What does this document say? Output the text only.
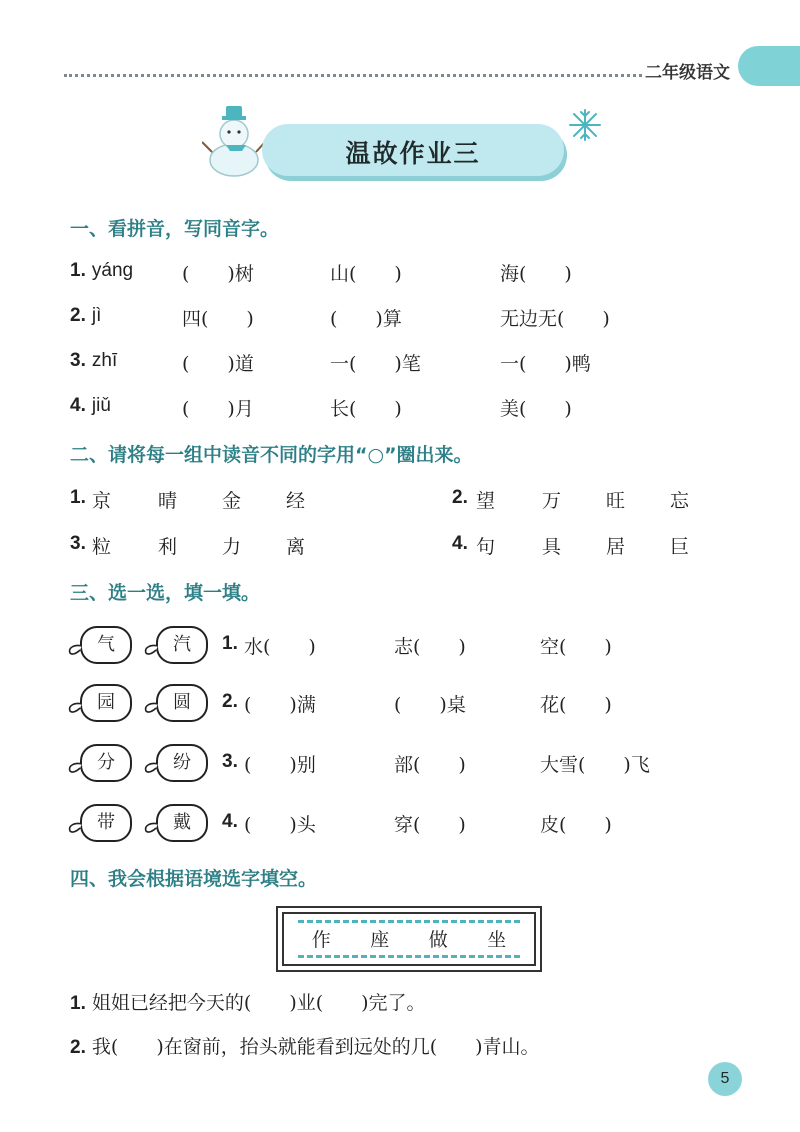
二年级语文
温故作业三
一、看拼音，写同音字。
1. yáng	(　　)树	山(　　)	海(　　)
2. jì	四(　　)	(　　)算	无边无(　　)
3. zhī	(　　)道	一(　　)笔	一(　　)鸭
4. jiǔ	(　　)月	长(　　)	美(　　)
二、请将每一组中读音不同的字用“○”圈出来。
1. 京 晴 金 经	2. 望 万 旺 忘
3. 粒 利 力 离	4. 句 具 居 巨
三、选一选，填一填。
气	汽	1. 水(　　)	志(　　)	空(　　)
园	圆	2. (　　)满	(　　)桌	花(　　)
分	纷	3. (　　)别	部(　　)	大雪(　　)飞
带	戴	4. (　　)头	穿(　　)	皮(　　)
四、我会根据语境选字填空。
作 座 做 坐
1. 姐姐已经把今天的(　　)业(　　)完了。
2. 我(　　)在窗前，抬头就能看到远处的几(　　)青山。
5
